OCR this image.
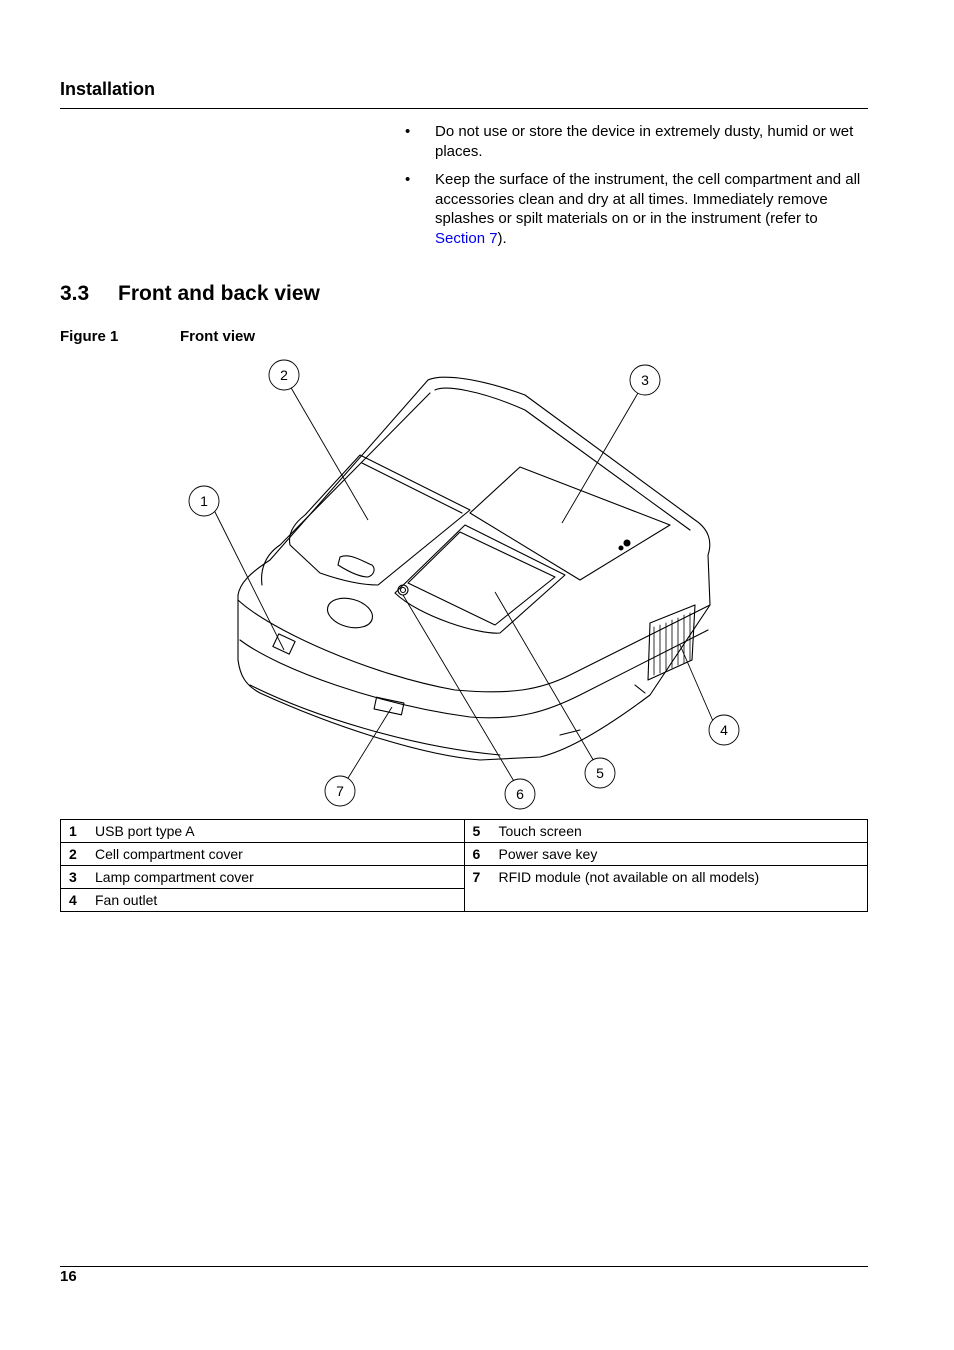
Installation
• Do not use or store the device in extremely dusty, humid or wet places.
• Keep the surface of the instrument, the cell compartment and all accessories clean and dry at all times. Immediately remove splashes or spilt materials on or in the instrument (refer to Section 7).
3.3 Front and back view
Figure 1	Front view
1
2	3
4
5
6
7
1 USB port type A	5 Touch screen
2 Cell compartment cover	6 Power save key
3 Lamp compartment cover	7 RFID module (not available on all models)
4 Fan outlet	
16
